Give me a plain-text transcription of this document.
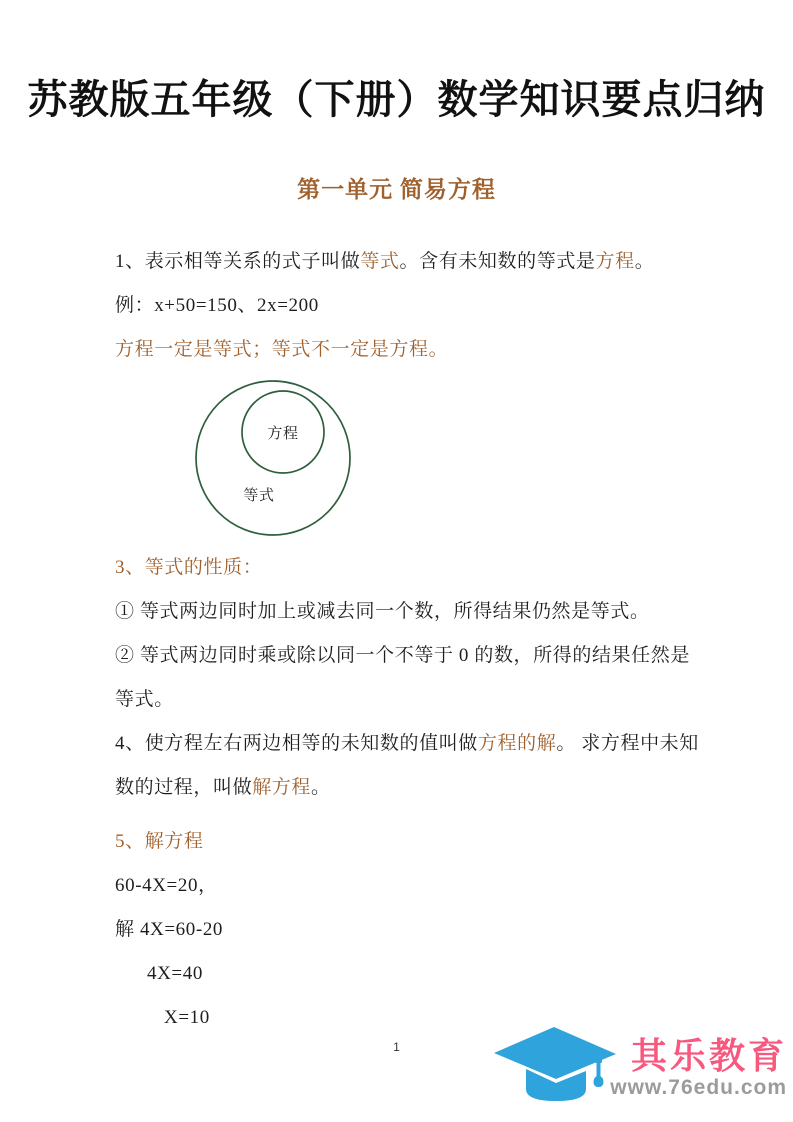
苏教版五年级（下册）数学知识要点归纳
第一单元 简易方程
1、表示相等关系的式子叫做等式。含有未知数的等式是方程。
例：x+50=150、2x=200
方程一定是等式；等式不一定是方程。
方程
等式
3、等式的性质：
① 等式两边同时加上或减去同一个数，所得结果仍然是等式。
② 等式两边同时乘或除以同一个不等于 0 的数，所得的结果任然是
等式。
4、使方程左右两边相等的未知数的值叫做方程的解。 求方程中未知
数的过程，叫做解方程。
5、解方程
60-4X=20，
解 4X=60-20
4X=40
X=10
1	其乐教育
www.76edu.com
